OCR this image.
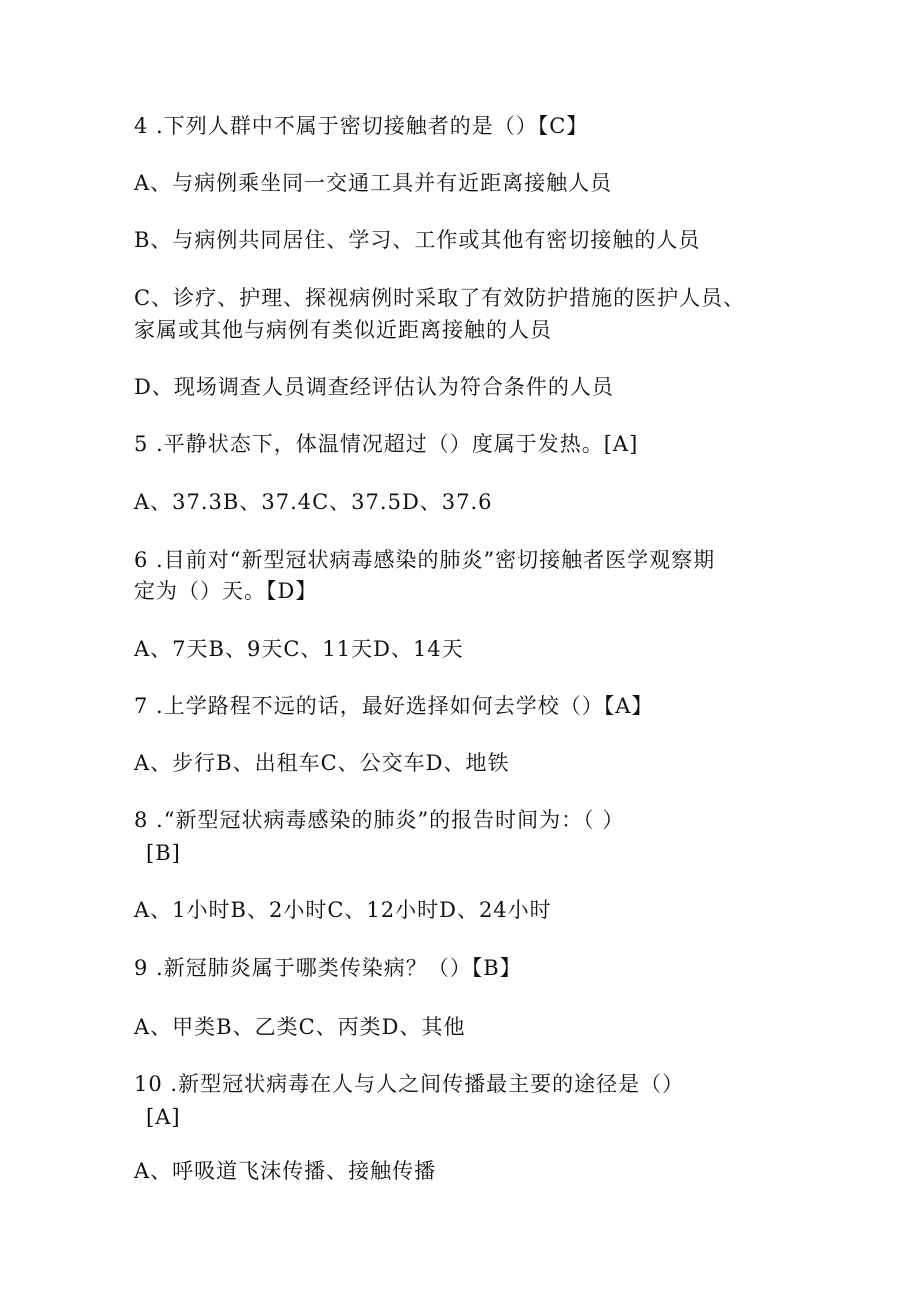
4 .下列人群中不属于密切接触者的是（）【C】
A、与病例乘坐同一交通工具并有近距离接触人员
B、与病例共同居住、学习、工作或其他有密切接触的人员
C、诊疗、护理、探视病例时采取了有效防护措施的医护人员、
家属或其他与病例有类似近距离接触的人员
D、现场调查人员调查经评估认为符合条件的人员
5 .平静状态下，体温情况超过（）度属于发热。[A]
A、37.3B、37.4C、37.5D、37.6
6 .目前对“新型冠状病毒感染的肺炎”密切接触者医学观察期
定为（）天。【D】
A、7天B、9天C、11天D、14天
7 .上学路程不远的话，最好选择如何去学校（）【A】
A、步行B、出租车C、公交车D、地铁
8 .“新型冠状病毒感染的肺炎”的报告时间为：（ ）
[B]
A、1小时B、2小时C、12小时D、24小时
9 .新冠肺炎属于哪类传染病？（）【B】
A、甲类B、乙类C、丙类D、其他
10 .新型冠状病毒在人与人之间传播最主要的途径是（）
[A]
A、呼吸道飞沫传播、接触传播
